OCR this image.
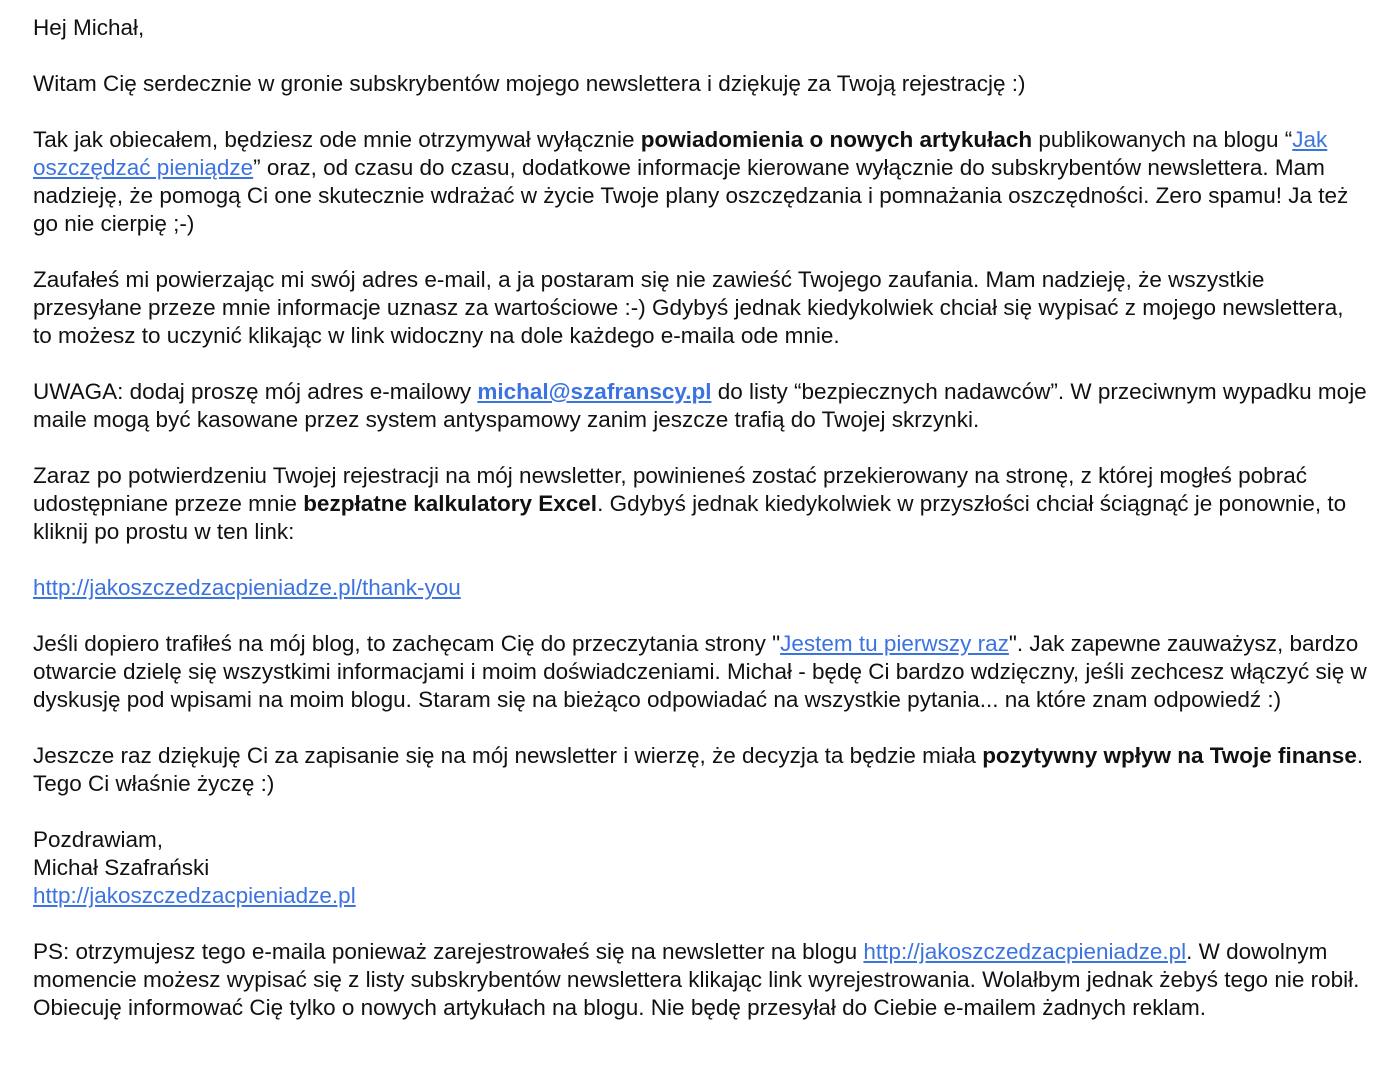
Hej Michał,

Witam Cię serdecznie w gronie subskrybentów mojego newslettera i dziękuję za Twoją rejestrację :)

Tak jak obiecałem, będziesz ode mnie otrzymywał wyłącznie powiadomienia o nowych artykułach publikowanych na blogu “Jak oszczędzać pieniądze” oraz, od czasu do czasu, dodatkowe informacje kierowane wyłącznie do subskrybentów newslettera. Mam nadzieję, że pomogą Ci one skutecznie wdrażać w życie Twoje plany oszczędzania i pomnażania oszczędności. Zero spamu! Ja też go nie cierpię ;-)

Zaufałeś mi powierzając mi swój adres e-mail, a ja postaram się nie zawieść Twojego zaufania. Mam nadzieję, że wszystkie przesyłane przeze mnie informacje uznasz za wartościowe :-) Gdybyś jednak kiedykolwiek chciał się wypisać z mojego newslettera, to możesz to uczynić klikając w link widoczny na dole każdego e-maila ode mnie.

UWAGA: dodaj proszę mój adres e-mailowy michal@szafranscy.pl do listy “bezpiecznych nadawców”. W przeciwnym wypadku moje maile mogą być kasowane przez system antyspamowy zanim jeszcze trafią do Twojej skrzynki.

Zaraz po potwierdzeniu Twojej rejestracji na mój newsletter, powinieneś zostać przekierowany na stronę, z której mogłeś pobrać udostępniane przeze mnie bezpłatne kalkulatory Excel. Gdybyś jednak kiedykolwiek w przyszłości chciał ściągnąć je ponownie, to kliknij po prostu w ten link:

http://jakoszczedzacpieniadze.pl/thank-you

Jeśli dopiero trafiłeś na mój blog, to zachęcam Cię do przeczytania strony "Jestem tu pierwszy raz". Jak zapewne zauważysz, bardzo otwarcie dzielę się wszystkimi informacjami i moim doświadczeniami. Michał - będę Ci bardzo wdzięczny, jeśli zechcesz włączyć się w dyskusję pod wpisami na moim blogu. Staram się na bieżąco odpowiadać na wszystkie pytania... na które znam odpowiedź :)

Jeszcze raz dziękuję Ci za zapisanie się na mój newsletter i wierzę, że decyzja ta będzie miała pozytywny wpływ na Twoje finanse. Tego Ci właśnie życzę :)

Pozdrawiam,
Michał Szafrański
http://jakoszczedzacpieniadze.pl

PS: otrzymujesz tego e-maila ponieważ zarejestrowałeś się na newsletter na blogu http://jakoszczedzacpieniadze.pl. W dowolnym momencie możesz wypisać się z listy subskrybentów newslettera klikając link wyrejestrowania. Wolałbym jednak żebyś tego nie robił. Obiecuję informować Cię tylko o nowych artykułach na blogu. Nie będę przesyłał do Ciebie e-mailem żadnych reklam.
